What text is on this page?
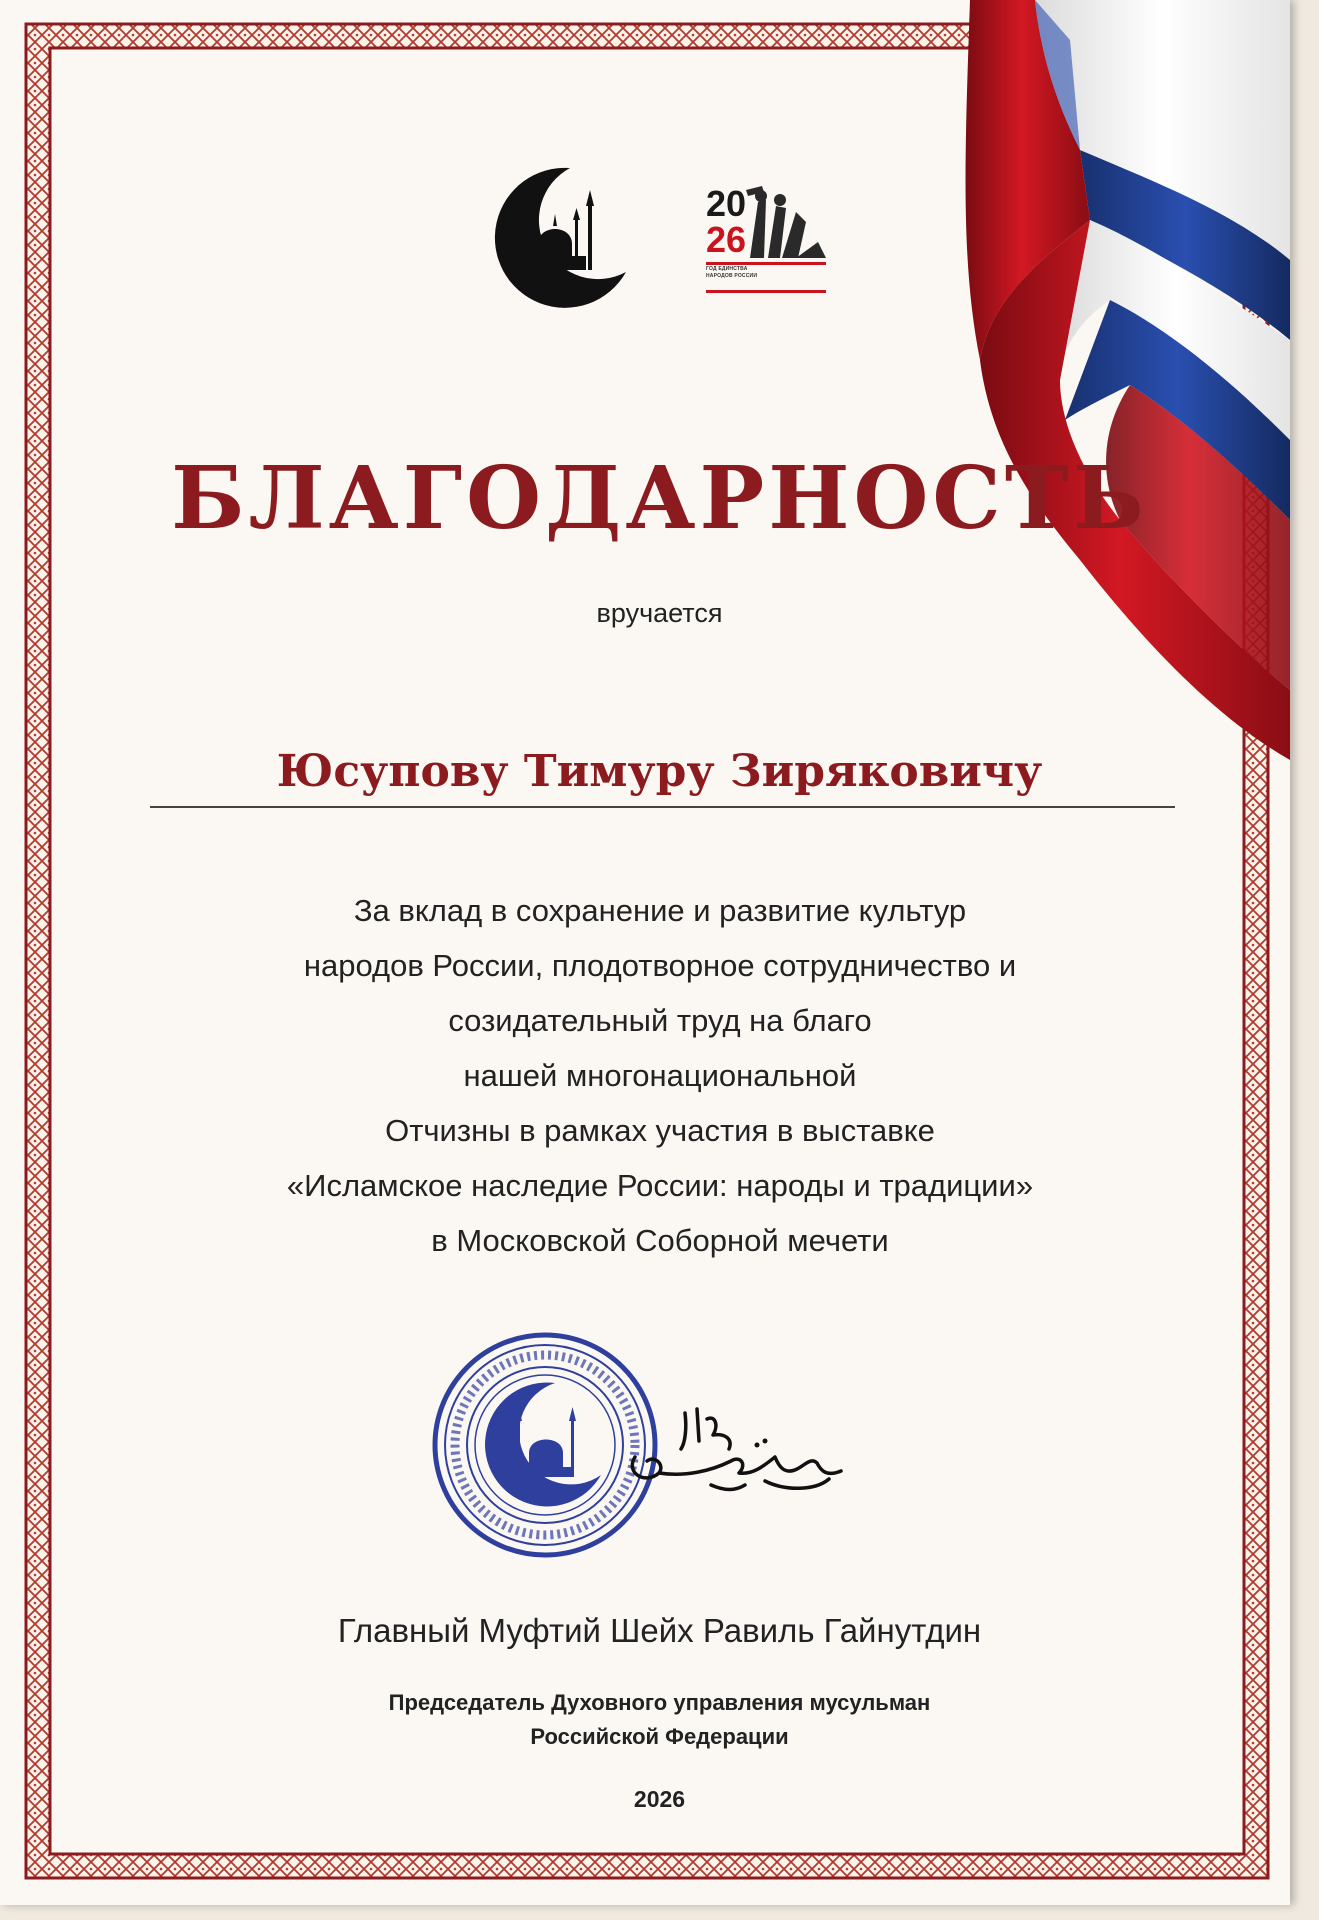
20
26
ГОД ЕДИНСТВА
НАРОДОВ РОССИИ
БЛАГОДАРНОСТЬ
вручается
Юсупову Тимуру Зиряковичу

За вклад в сохранение и развитие культур
народов России, плодотворное сотрудничество и
созидательный труд на благо
нашей многонациональной
Отчизны в рамках участия в выставке
«Исламское наследие России: народы и традиции»
в Московской Соборной мечети

Главный Муфтий Шейх Равиль Гайнутдин
Председатель Духовного управления мусульман
Российской Федерации
2026
